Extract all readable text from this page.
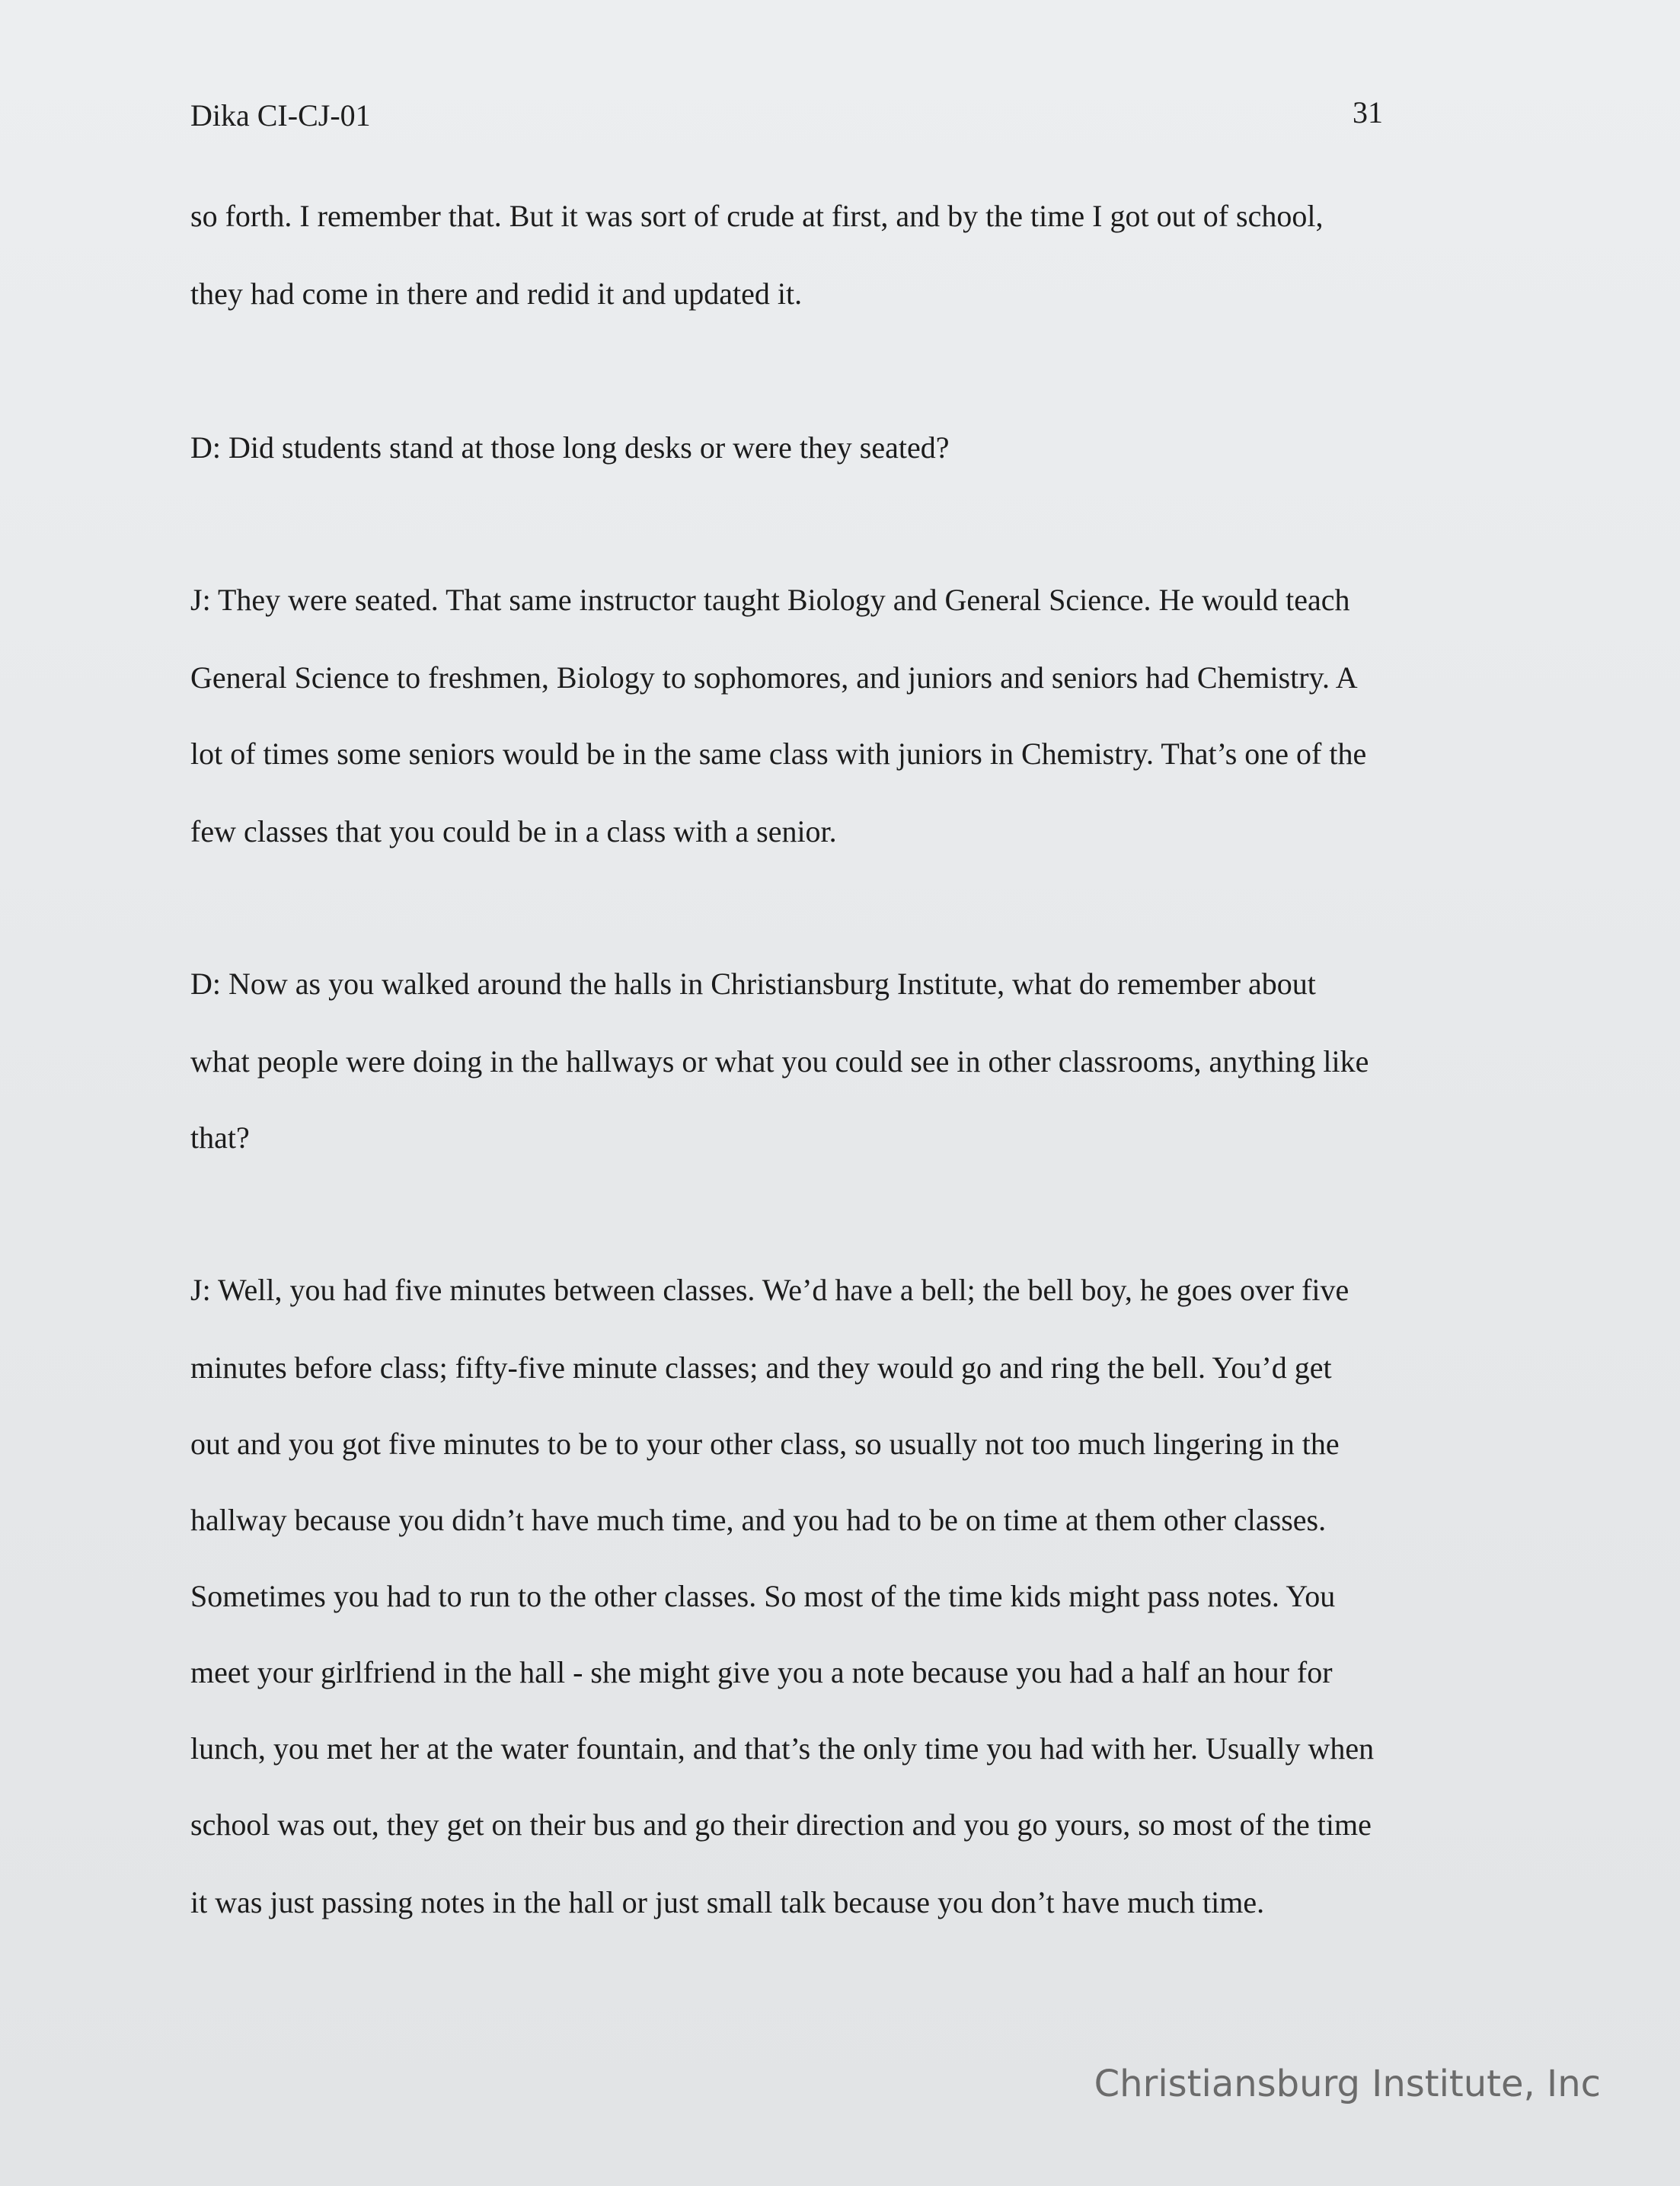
Dika CI-CJ-01	31
so forth. I remember that. But it was sort of crude at first, and by the time I got out of school,
they had come in there and redid it and updated it.
D: Did students stand at those long desks or were they seated?
J: They were seated. That same instructor taught Biology and General Science. He would teach
General Science to freshmen, Biology to sophomores, and juniors and seniors had Chemistry. A
lot of times some seniors would be in the same class with juniors in Chemistry. That’s one of the
few classes that you could be in a class with a senior.
D: Now as you walked around the halls in Christiansburg Institute, what do remember about
what people were doing in the hallways or what you could see in other classrooms, anything like
that?
J: Well, you had five minutes between classes. We’d have a bell; the bell boy, he goes over five
minutes before class; fifty-five minute classes; and they would go and ring the bell. You’d get
out and you got five minutes to be to your other class, so usually not too much lingering in the
hallway because you didn’t have much time, and you had to be on time at them other classes.
Sometimes you had to run to the other classes. So most of the time kids might pass notes. You
meet your girlfriend in the hall - she might give you a note because you had a half an hour for
lunch, you met her at the water fountain, and that’s the only time you had with her. Usually when
school was out, they get on their bus and go their direction and you go yours, so most of the time
it was just passing notes in the hall or just small talk because you don’t have much time.
Christiansburg Institute, Inc
